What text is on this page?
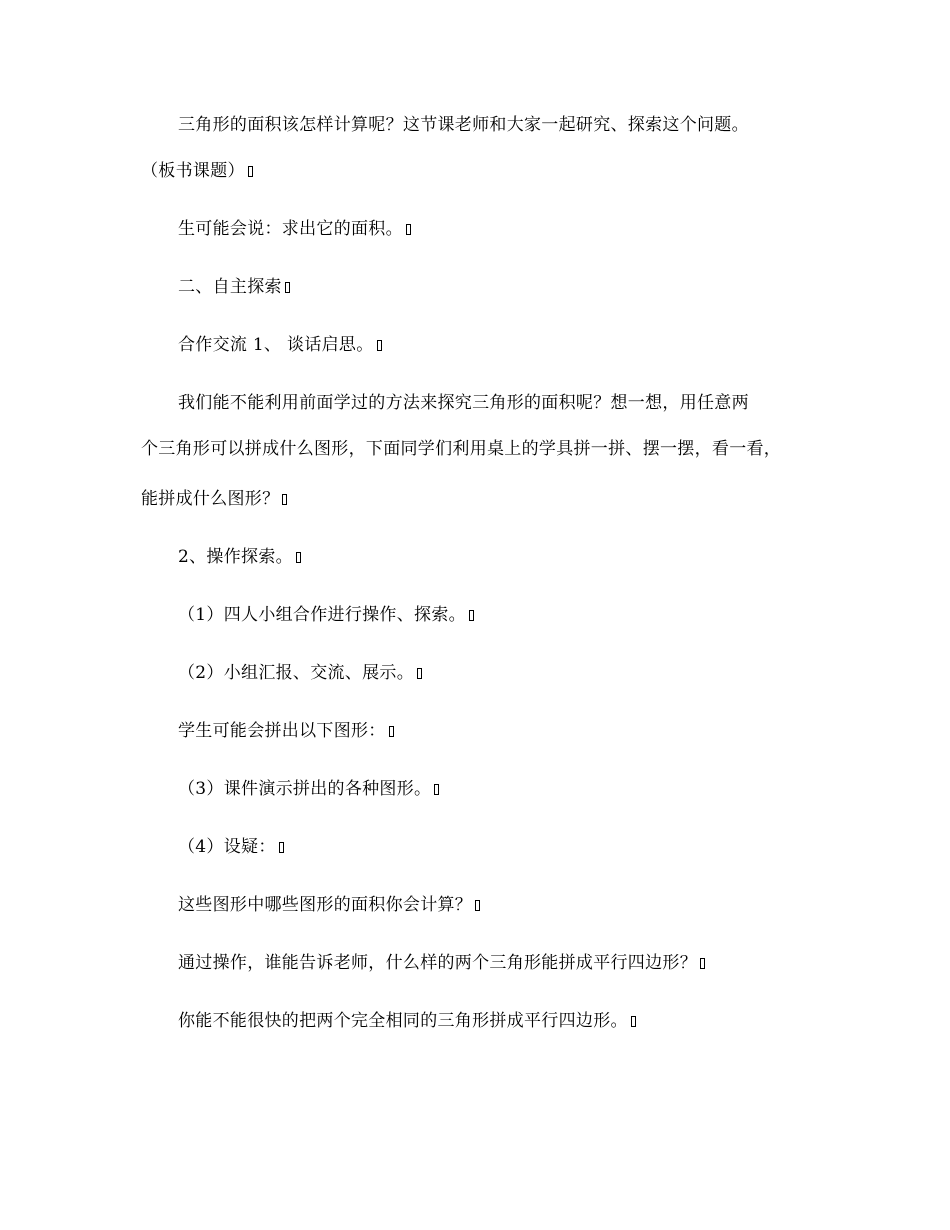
三角形的面积该怎样计算呢？这节课老师和大家一起研究、探索这个问题。
（板书课题）
生可能会说：求出它的面积。
二、自主探索
合作交流 1、 谈话启思。
我们能不能利用前面学过的方法来探究三角形的面积呢？想一想，用任意两
个三角形可以拼成什么图形，下面同学们利用桌上的学具拼一拼、摆一摆，看一看，
能拼成什么图形？
2、操作探索。
（1）四人小组合作进行操作、探索。
（2）小组汇报、交流、展示。
学生可能会拼出以下图形：
（3）课件演示拼出的各种图形。
（4）设疑：
这些图形中哪些图形的面积你会计算？
通过操作，谁能告诉老师，什么样的两个三角形能拼成平行四边形？
你能不能很快的把两个完全相同的三角形拼成平行四边形。
